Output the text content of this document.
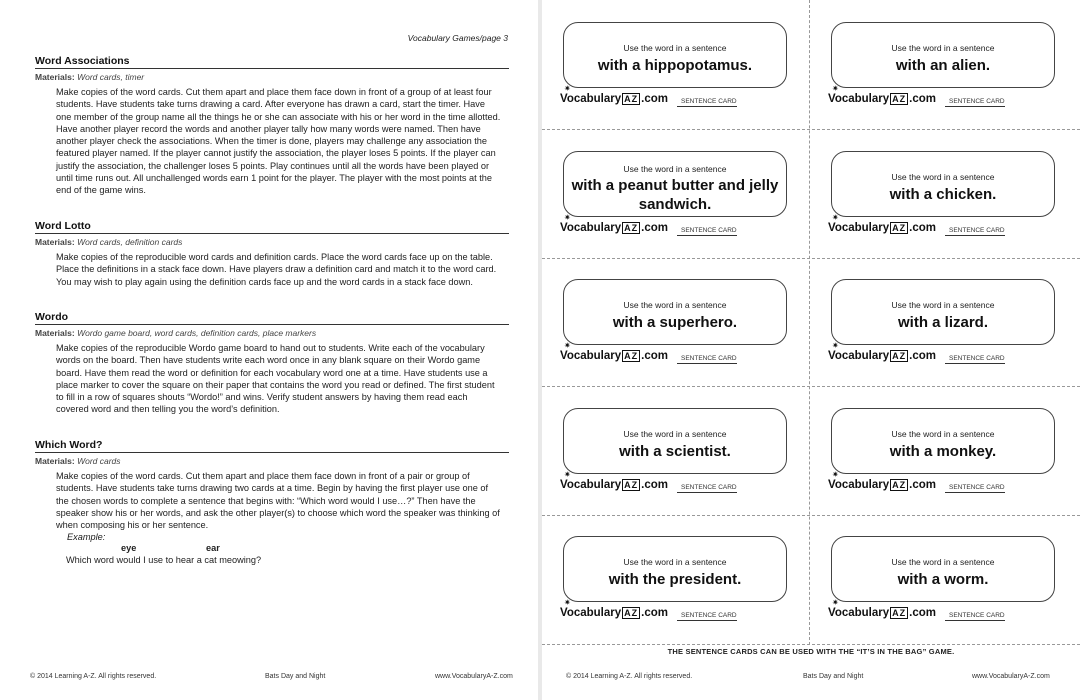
Vocabulary Games/page 3
Word Associations
Materials: Word cards, timer
Make copies of the word cards. Cut them apart and place them face down in front of a group of at least four students. Have students take turns drawing a card. After everyone has drawn a card, start the timer. Have one member of the group name all the things he or she can associate with his or her word in the time allotted. Have another player record the words and another player tally how many words were named. Then have another player check the associations. When the timer is done, players may challenge any association the featured player named. If the player cannot justify the association, the player loses 5 points. If the player can justify the association, the challenger loses 5 points. Play continues until all the words have been played or until time runs out. All unchallenged words earn 1 point for the player. The player with the most points at the end of the game wins.
Word Lotto
Materials: Word cards, definition cards
Make copies of the reproducible word cards and definition cards. Place the word cards face up on the table. Place the definitions in a stack face down. Have players draw a definition card and match it to the word card. You may wish to play again using the definition cards face up and the word cards in a stack face down.
Wordo
Materials: Wordo game board, word cards, definition cards, place markers
Make copies of the reproducible Wordo game board to hand out to students. Write each of the vocabulary words on the board. Then have students write each word once in any blank square on their Wordo game board. Have them read the word or definition for each vocabulary word one at a time. Have students use a place marker to cover the square on their paper that contains the word you read or defined. The first student to fill in a row of squares shouts “Wordo!” and wins. Verify student answers by having them read each covered word and then telling you the word’s definition.
Which Word?
Materials: Word cards
Make copies of the word cards. Cut them apart and place them face down in front of a pair or group of students. Have students take turns drawing two cards at a time. Begin by having the first player use one of the chosen words to complete a sentence that begins with: “Which word would I use…?” Then have the speaker show his or her words, and ask the other player(s) to choose which word the speaker was thinking of when composing his or her sentence.
Example:
eye	ear
Which word would I use to hear a cat meowing?
© 2014 Learning A-Z. All rights reserved.	Bats Day and Night	www.VocabularyA-Z.com
Use the word in a sentence
with a hippopotamus.
✷
Vocabulary AZ .com	SENTENCE CARD
Use the word in a sentence
with an alien.
✷
Vocabulary AZ .com	SENTENCE CARD
Use the word in a sentence
with a peanut butter and jelly sandwich.
✷
Vocabulary AZ .com	SENTENCE CARD
Use the word in a sentence
with a chicken.
✷
Vocabulary AZ .com	SENTENCE CARD
Use the word in a sentence
with a superhero.
✷
Vocabulary AZ .com	SENTENCE CARD
Use the word in a sentence
with a lizard.
✷
Vocabulary AZ .com	SENTENCE CARD
Use the word in a sentence
with a scientist.
✷
Vocabulary AZ .com	SENTENCE CARD
Use the word in a sentence
with a monkey.
✷
Vocabulary AZ .com	SENTENCE CARD
Use the word in a sentence
with the president.
✷
Vocabulary AZ .com	SENTENCE CARD
Use the word in a sentence
with a worm.
✷
Vocabulary AZ .com	SENTENCE CARD
THE SENTENCE CARDS CAN BE USED WITH THE “IT’S IN THE BAG” GAME.
© 2014 Learning A-Z. All rights reserved.	Bats Day and Night	www.VocabularyA-Z.com
